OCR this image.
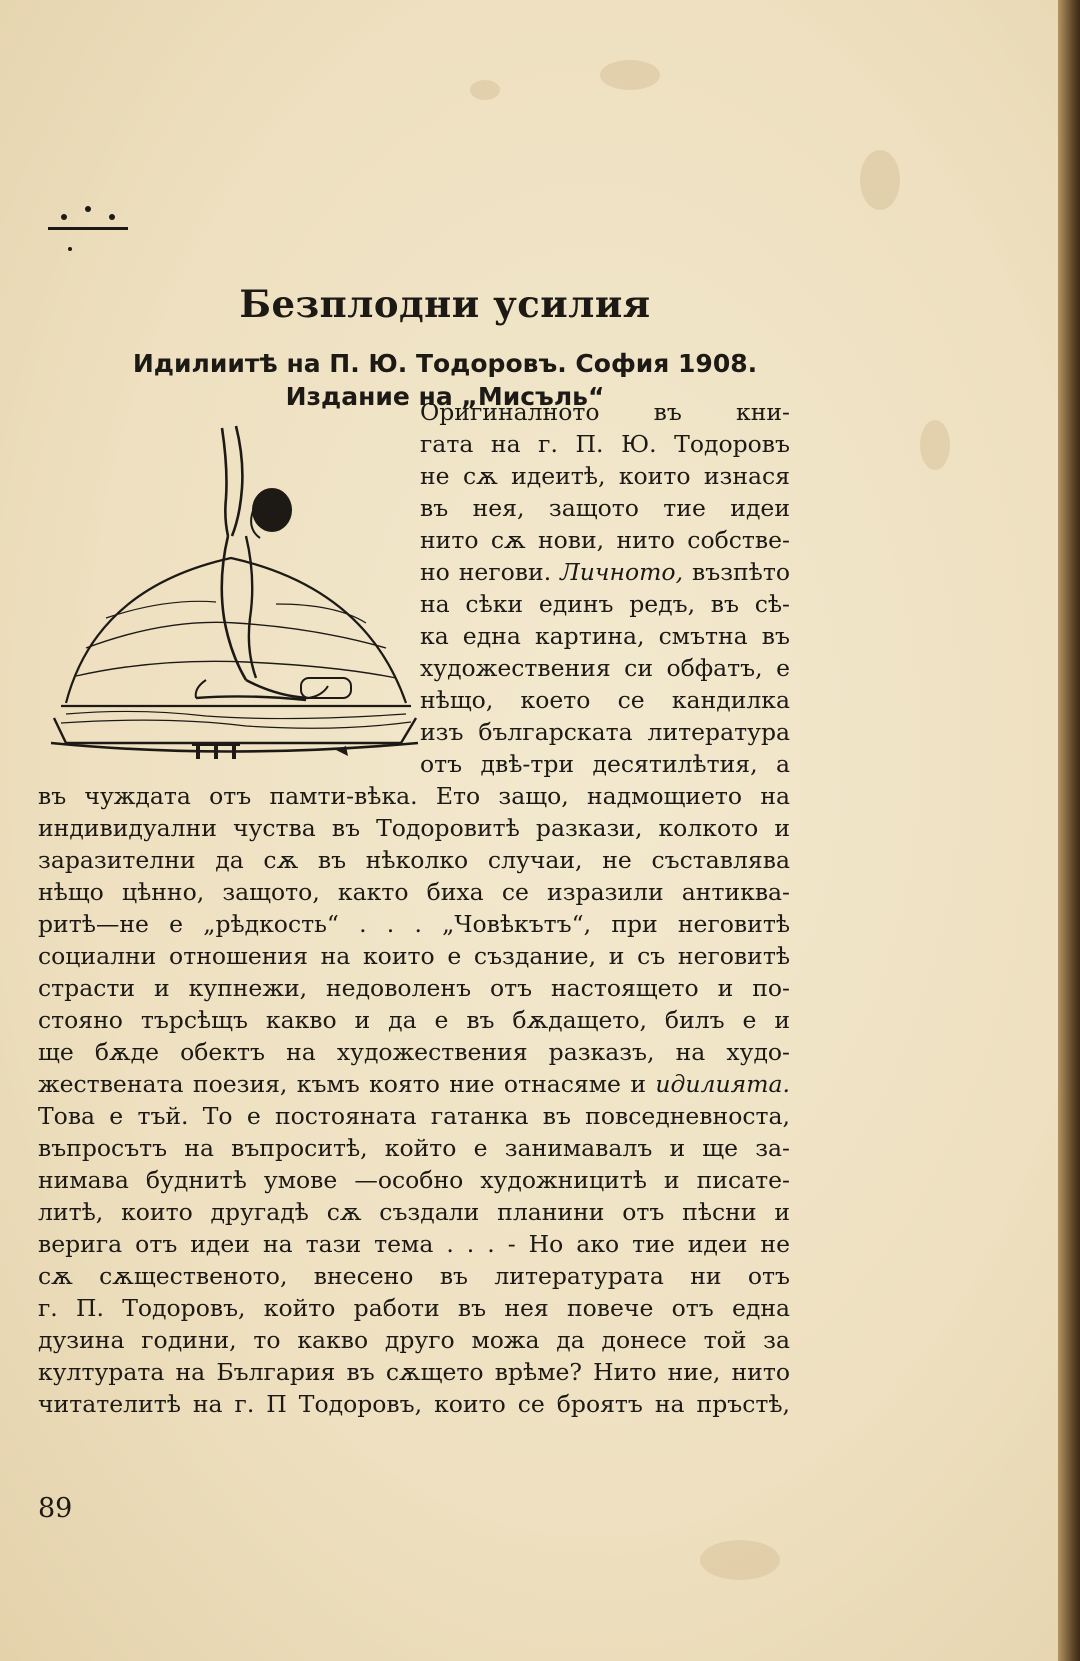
Безплодни усилия
Идилиитѣ на П. Ю. Тодоровъ. София 1908.
Издание на „Мисъль“
Оригиналното въ кни-
гата на г. П. Ю. Тодоровъ
не сѫ идеитѣ, които изнася
въ нея, защото тие идеи
нито сѫ нови, нито собстве-
но негови. Личното, възпѣто
на сѣки единъ редъ, въ сѣ-
ка една картина, смътна въ
художествения си обфатъ, е
нѣщо, което се кандилка
изъ българската литература
отъ двѣ-три десятилѣтия, а
въ чуждата отъ памти-вѣка. Ето защо, надмощието на
индивидуални чуства въ Тодоровитѣ разкази, колкото и
заразителни да сѫ въ нѣколко случаи, не съставлява
нѣщо цѣнно, защото, както биха се изразили антиква-
ритѣ—не е „рѣдкость“ . . . „Човѣкътъ“, при неговитѣ
социални отношения на които е създание, и съ неговитѣ
страсти и купнежи, недоволенъ отъ настоящето и по-
стояно търсѣщъ какво и да е въ бѫдащето, билъ е и
ще бѫде обектъ на художествения разказъ, на худо-
жествената поезия, къмъ която ние отнасяме и идилията.
Това е тъй. То е постояната гатанка въ повседневноста,
въпросътъ на въпроситѣ, който е занимавалъ и ще за-
нимава буднитѣ умове —особно художницитѣ и писате-
литѣ, които другадѣ сѫ създали планини отъ пѣсни и
верига отъ идеи на тази тема . . . - Но ако тие идеи не
сѫ сѫщественото, внесено въ литературата ни отъ
г. П. Тодоровъ, който работи въ нея повече отъ една
дузина години, то какво друго можа да донесе той за
културата на България въ сѫщето врѣме? Нито ние, нито
читателитѣ на г. П Тодоровъ, които се броятъ на пръстѣ,
89
